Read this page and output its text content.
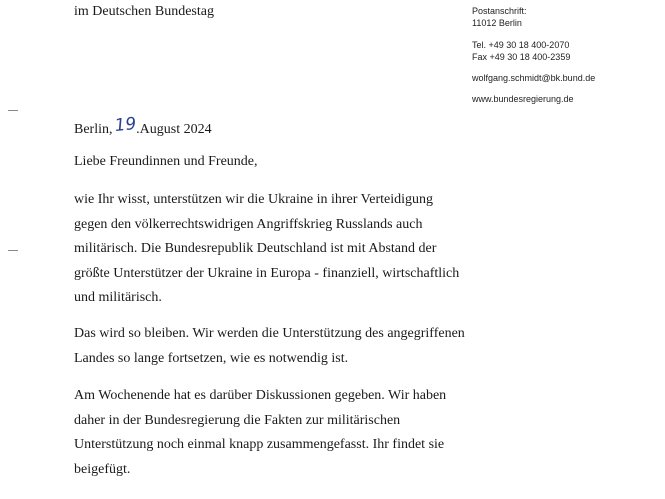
im Deutschen Bundestag	Postanschrift:
11012 Berlin
Tel. +49 30 18 400-2070
Fax +49 30 18 400-2359
wolfgang.schmidt@bk.bund.de
www.bundesregierung.de
Berlin,19.August 2024
Liebe Freundinnen und Freunde,
wie Ihr wisst, unterstützen wir die Ukraine in ihrer Verteidigung
gegen den völkerrechtswidrigen Angriffskrieg Russlands auch
militärisch. Die Bundesrepublik Deutschland ist mit Abstand der
größte Unterstützer der Ukraine in Europa - finanziell, wirtschaftlich
und militärisch.
Das wird so bleiben. Wir werden die Unterstützung des angegriffenen
Landes so lange fortsetzen, wie es notwendig ist.
Am Wochenende hat es darüber Diskussionen gegeben. Wir haben
daher in der Bundesregierung die Fakten zur militärischen
Unterstützung noch einmal knapp zusammengefasst. Ihr findet sie
beigefügt.
